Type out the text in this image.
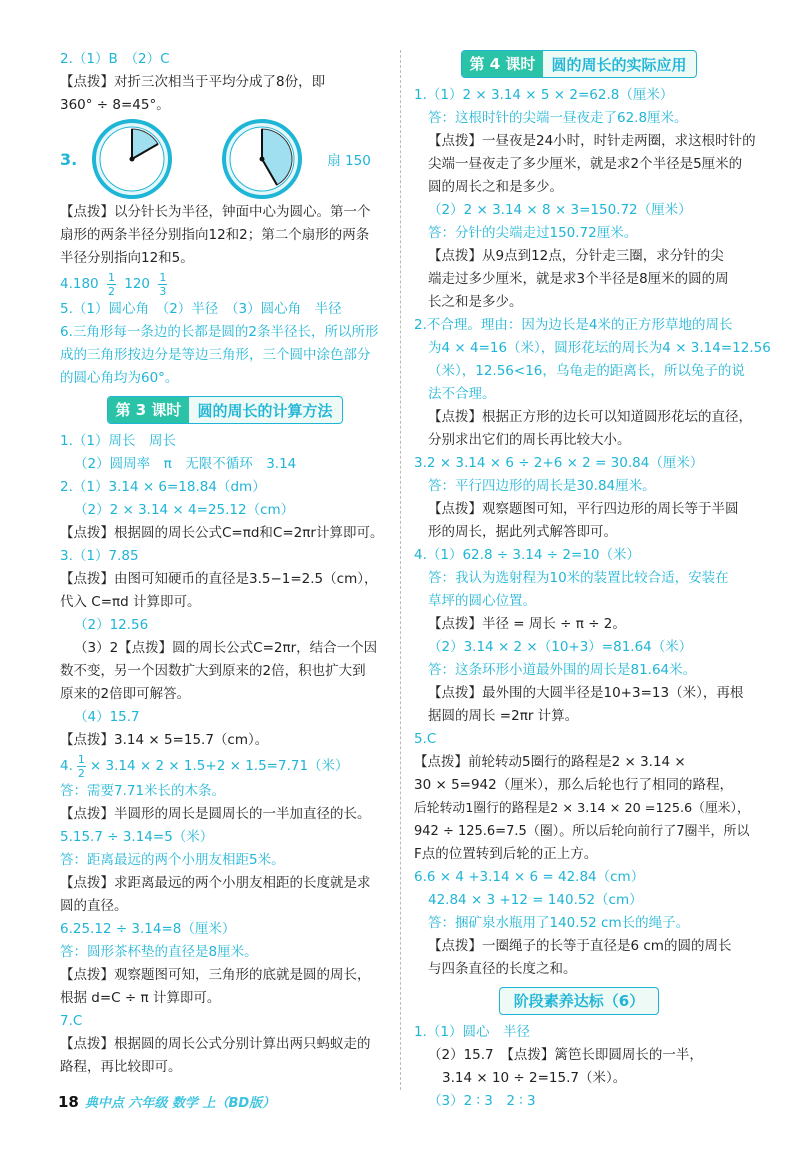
2.（1）B　（2）C
【点拨】对折三次相当于平均分成了8份，即
360° ÷ 8=45°。
3.	扇 150
【点拨】以分针长为半径，钟面中心为圆心。第一个
扇形的两条半径分别指向12和2；第二个扇形的两条
半径分别指向12和5。
$4.180 \frac{1}{2} 120 \frac{1}{3}$
5.（1）圆心角　（2）半径　（3）圆心角　半径
6.三角形每一条边的长都是圆的2条半径长，所以所形
成的三角形按边分是等边三角形，三个圆中涂色部分
的圆心角均为60°。
第 3 课时	圆的周长的计算方法
1.（1）周长　周长
（2）圆周率　π　无限不循环　3.14
2.（1）3.14 × 6=18.84（dm）
（2）2 × 3.14 × 4=25.12（cm）
【点拨】根据圆的周长公式C=πd和C=2πr计算即可。
3.（1）7.85
【点拨】由图可知硬币的直径是3.5−1=2.5（cm），
代入 C=πd 计算即可。
（2）12.56
（3）2【点拨】圆的周长公式C=2πr，结合一个因
数不变，另一个因数扩大到原来的2倍，积也扩大到
原来的2倍即可解答。
（4）15.7
【点拨】3.14 × 5=15.7（cm）。
4. $\frac{1}{2} \times 3.14 \times 2 \times 1.5+2 \times 1.5=7.71$（米）
答：需要7.71米长的木条。
【点拨】半圆形的周长是圆周长的一半加直径的长。
5.15.7 ÷ 3.14=5（米）
答：距离最远的两个小朋友相距5米。
【点拨】求距离最远的两个小朋友相距的长度就是求
圆的直径。
6.25.12 ÷ 3.14=8（厘米）
答：圆形茶杯垫的直径是8厘米。
【点拨】观察题图可知，三角形的底就是圆的周长，
根据 d=C ÷ π 计算即可。
7.C
【点拨】根据圆的周长公式分别计算出两只蚂蚁走的
路程，再比较即可。
第 4 课时	圆的周长的实际应用
1.（1）2 × 3.14 × 5 × 2=62.8（厘米）
答：这根时针的尖端一昼夜走了62.8厘米。
【点拨】一昼夜是24小时，时针走两圈，求这根时针的
尖端一昼夜走了多少厘米，就是求2个半径是5厘米的
圆的周长之和是多少。
（2）2 × 3.14 × 8 × 3=150.72（厘米）
答：分针的尖端走过150.72厘米。
【点拨】从9点到12点，分针走三圈，求分针的尖
端走过多少厘米，就是求3个半径是8厘米的圆的周
长之和是多少。
2.不合理。理由：因为边长是4米的正方形草地的周长
为4 × 4=16（米），圆形花坛的周长为4 × 3.14=12.56
（米），12.56<16，乌龟走的距离长，所以兔子的说
法不合理。
【点拨】根据正方形的边长可以知道圆形花坛的直径，
分别求出它们的周长再比较大小。
3.2 × 3.14 × 6 ÷ 2+6 × 2 = 30.84（厘米）
答：平行四边形的周长是30.84厘米。
【点拨】观察题图可知，平行四边形的周长等于半圆
形的周长，据此列式解答即可。
4.（1）62.8 ÷ 3.14 ÷ 2=10（米）
答：我认为选射程为10米的装置比较合适，安装在
草坪的圆心位置。
【点拨】半径 = 周长 ÷ π ÷ 2。
（2）3.14 × 2 ×（10+3）=81.64（米）
答：这条环形小道最外围的周长是81.64米。
【点拨】最外围的大圆半径是10+3=13（米），再根
据圆的周长 =2πr 计算。
5.C
【点拨】前轮转动5圈行的路程是2 × 3.14 ×
30 × 5=942（厘米），那么后轮也行了相同的路程，
后轮转动1圈行的路程是2 × 3.14 × 20 =125.6（厘米），
942 ÷ 125.6=7.5（圈）。所以后轮向前行了7圈半，所以
F点的位置转到后轮的正上方。
6.6 × 4 +3.14 × 6 = 42.84（cm）
42.84 × 3 +12 = 140.52（cm）
答：捆矿泉水瓶用了140.52 cm长的绳子。
【点拨】一圈绳子的长等于直径是6 cm的圆的周长
与四条直径的长度之和。
阶段素养达标（6）
1.（1）圆心　半径
（2）15.7　【点拨】篱笆长即圆周长的一半，
3.14 × 10 ÷ 2=15.7（米）。
（3）2 ∶ 3　2 ∶ 3
18 典中点 六年级 数学 上（BD版）
